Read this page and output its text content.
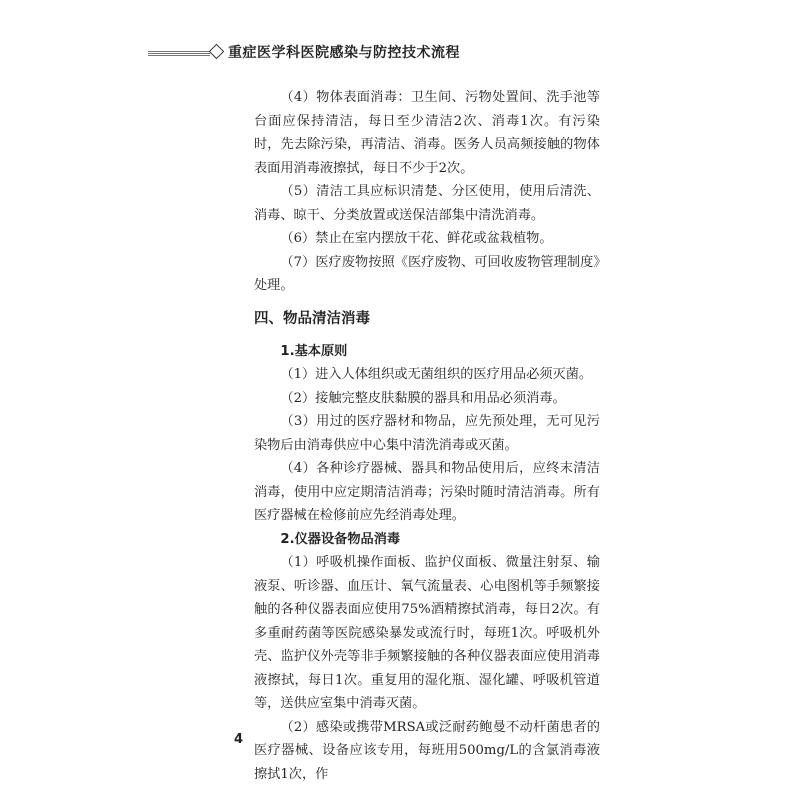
重症医学科医院感染与防控技术流程

（4）物体表面消毒：卫生间、污物处置间、洗手池等台面应保持清洁，每日至少清洁2次、消毒1次。有污染时，先去除污染，再清洁、消毒。医务人员高频接触的物体表面用消毒液擦拭，每日不少于2次。

（5）清洁工具应标识清楚、分区使用，使用后清洗、消毒、晾干、分类放置或送保洁部集中清洗消毒。

（6）禁止在室内摆放干花、鲜花或盆栽植物。

（7）医疗废物按照《医疗废物、可回收废物管理制度》处理。

四、物品清洁消毒
1.基本原则

（1）进入人体组织或无菌组织的医疗用品必须灭菌。

（2）接触完整皮肤黏膜的器具和用品必须消毒。

（3）用过的医疗器材和物品，应先预处理，无可见污染物后由消毒供应中心集中清洗消毒或灭菌。

（4）各种诊疗器械、器具和物品使用后，应终末清洁消毒，使用中应定期清洁消毒；污染时随时清洁消毒。所有医疗器械在检修前应先经消毒处理。

2.仪器设备物品消毒

（1）呼吸机操作面板、监护仪面板、微量注射泵、输液泵、听诊器、血压计、氧气流量表、心电图机等手频繁接触的各种仪器表面应使用75%酒精擦拭消毒，每日2次。有多重耐药菌等医院感染暴发或流行时，每班1次。呼吸机外壳、监护仪外壳等非手频繁接触的各种仪器表面应使用消毒液擦拭，每日1次。重复用的湿化瓶、湿化罐、呼吸机管道等，送供应室集中消毒灭菌。

（2）感染或携带MRSA或泛耐药鲍曼不动杆菌患者的医疗器械、设备应该专用，每班用500mg/L的含氯消毒液擦拭1次，作

4
